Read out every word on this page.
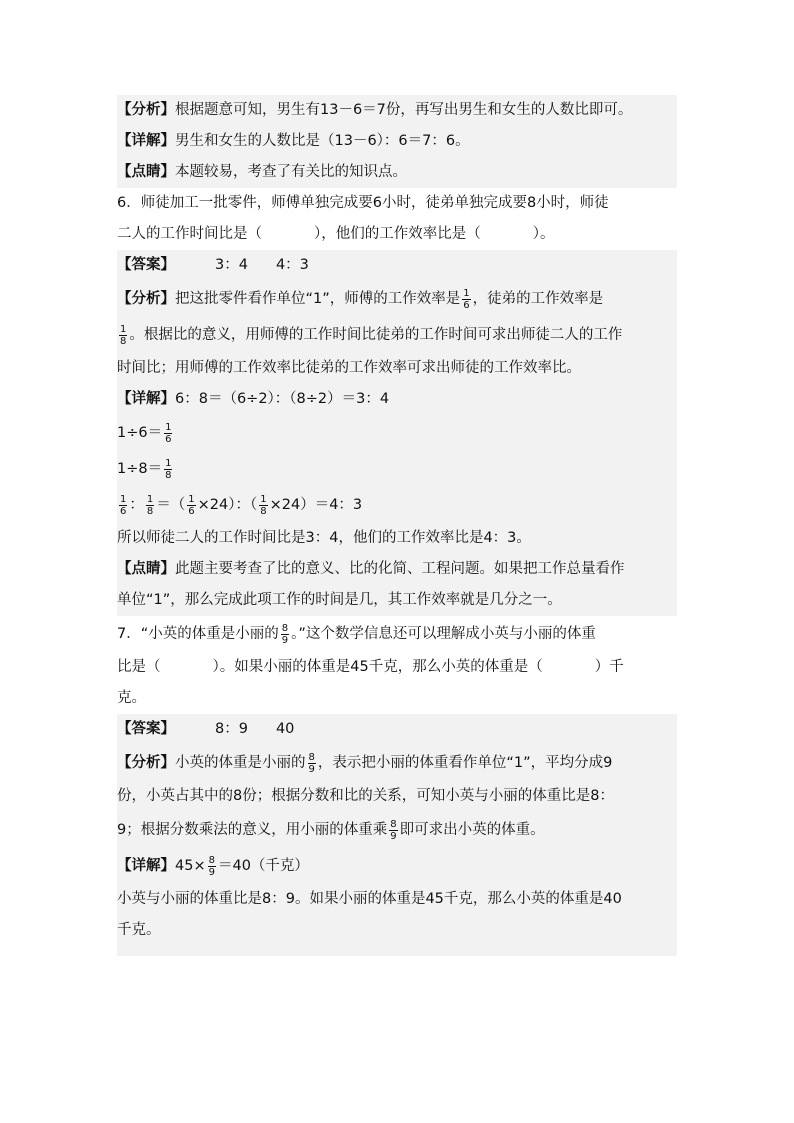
【分析】根据题意可知，男生有13－6＝7份，再写出男生和女生的人数比即可。
【详解】男生和女生的人数比是（13－6）：6＝7：6。
【点睛】本题较易，考查了有关比的知识点。
6．师徒加工一批零件，师傅单独完成要6小时，徒弟单独完成要8小时，师徒
二人的工作时间比是（	），他们的工作效率比是（	）。
【答案】	3：4 4：3
【分析】把这批零件看作单位“1”，师傅的工作效率是 $\frac{1}{6}$ ，徒弟的工作效率是
$\frac{1}{8}$ 。根据比的意义，用师傅的工作时间比徒弟的工作时间可求出师徒二人的工作
时间比；用师傅的工作效率比徒弟的工作效率可求出师徒的工作效率比。
【详解】6：8＝（6÷2）：（8÷2）＝3：4
$1\div 6= \frac{1}{6}$
$1\div 8= \frac{1}{8}$
$\frac{1}{6}$ ： $\frac{1}{8}$ ＝（ $\frac{1}{6} \times 24$）：（ $\frac{1}{8} \times 24)=4$：3
所以师徒二人的工作时间比是3：4，他们的工作效率比是4：3。
【点睛】此题主要考查了比的意义、比的化简、工程问题。如果把工作总量看作
单位“1”，那么完成此项工作的时间是几，其工作效率就是几分之一。
7．“小英的体重是小丽的 $\frac{8}{9}$ 。”这个数学信息还可以理解成小英与小丽的体重
比是（	）。如果小丽的体重是45千克，那么小英的体重是（	）千
克。
【答案】	8：9 40
【分析】小英的体重是小丽的 $\frac{8}{9}$ ，表示把小丽的体重看作单位“1”，平均分成9
份，小英占其中的8份；根据分数和比的关系，可知小英与小丽的体重比是8：
9；根据分数乘法的意义，用小丽的体重乘 $\frac{8}{9}$ 即可求出小英的体重。
【详解】$45\times \frac{8}{9} =40$（千克）
小英与小丽的体重比是8：9。如果小丽的体重是45千克，那么小英的体重是40
千克。
